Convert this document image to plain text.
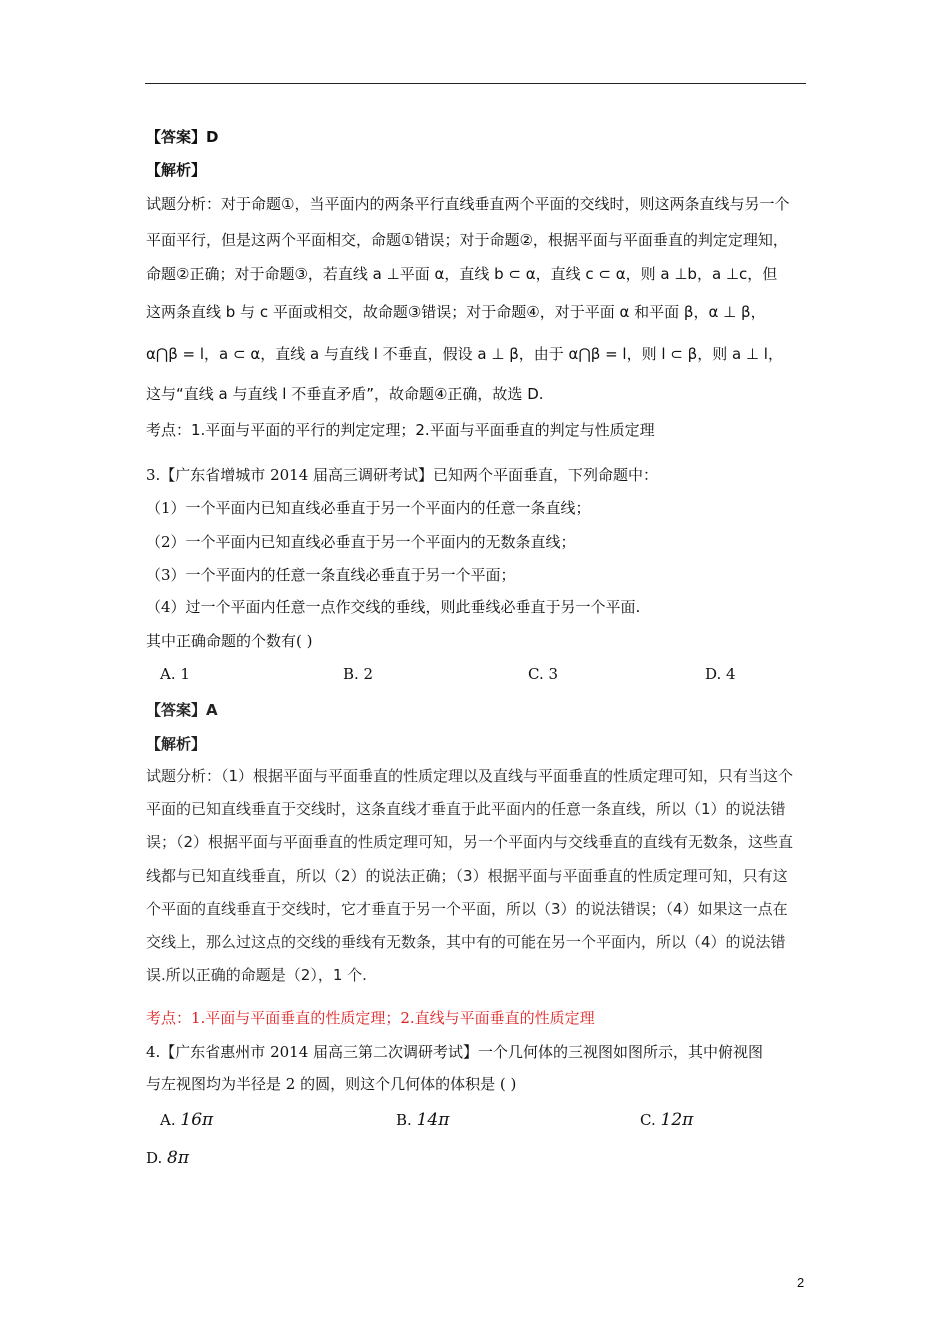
【答案】D
【解析】
试题分析：对于命题①，当平面内的两条平行直线垂直两个平面的交线时，则这两条直线与另一个
平面平行，但是这两个平面相交，命题①错误；对于命题②，根据平面与平面垂直的判定定理知，
命题②正确；对于命题③，若直线 a ⊥平面 α，直线 b ⊂ α，直线 c ⊂ α，则 a ⊥b，a ⊥c，但
这两条直线 b 与 c 平面或相交，故命题③错误；对于命题④，对于平面 α 和平面 β，α ⊥ β，
α⋂β = l，a ⊂ α，直线 a 与直线 l 不垂直，假设 a ⊥ β，由于 α⋂β = l，则 l ⊂ β，则 a ⊥ l，
这与“直线 a 与直线 l 不垂直矛盾”，故命题④正确，故选 D.
考点：1.平面与平面的平行的判定定理；2.平面与平面垂直的判定与性质定理
3.【广东省增城市 2014 届高三调研考试】已知两个平面垂直，下列命题中：
（1）一个平面内已知直线必垂直于另一个平面内的任意一条直线；
（2）一个平面内已知直线必垂直于另一个平面内的无数条直线；
（3）一个平面内的任意一条直线必垂直于另一个平面；
（4）过一个平面内任意一点作交线的垂线，则此垂线必垂直于另一个平面.
其中正确命题的个数有( )
A. 1	B. 2	C. 3	D. 4
【答案】A
【解析】
试题分析：（1）根据平面与平面垂直的性质定理以及直线与平面垂直的性质定理可知，只有当这个
平面的已知直线垂直于交线时，这条直线才垂直于此平面内的任意一条直线，所以（1）的说法错
误；（2）根据平面与平面垂直的性质定理可知，另一个平面内与交线垂直的直线有无数条，这些直
线都与已知直线垂直，所以（2）的说法正确；（3）根据平面与平面垂直的性质定理可知，只有这
个平面的直线垂直于交线时，它才垂直于另一个平面，所以（3）的说法错误；（4）如果这一点在
交线上，那么过这点的交线的垂线有无数条，其中有的可能在另一个平面内，所以（4）的说法错
误.所以正确的命题是（2），1 个.
考点：1.平面与平面垂直的性质定理；2.直线与平面垂直的性质定理
4.【广东省惠州市 2014 届高三第二次调研考试】一个几何体的三视图如图所示，其中俯视图
与左视图均为半径是 2 的圆，则这个几何体的体积是 ( )
A. 16π	B. 14π	C. 12π
D. 8π
2
